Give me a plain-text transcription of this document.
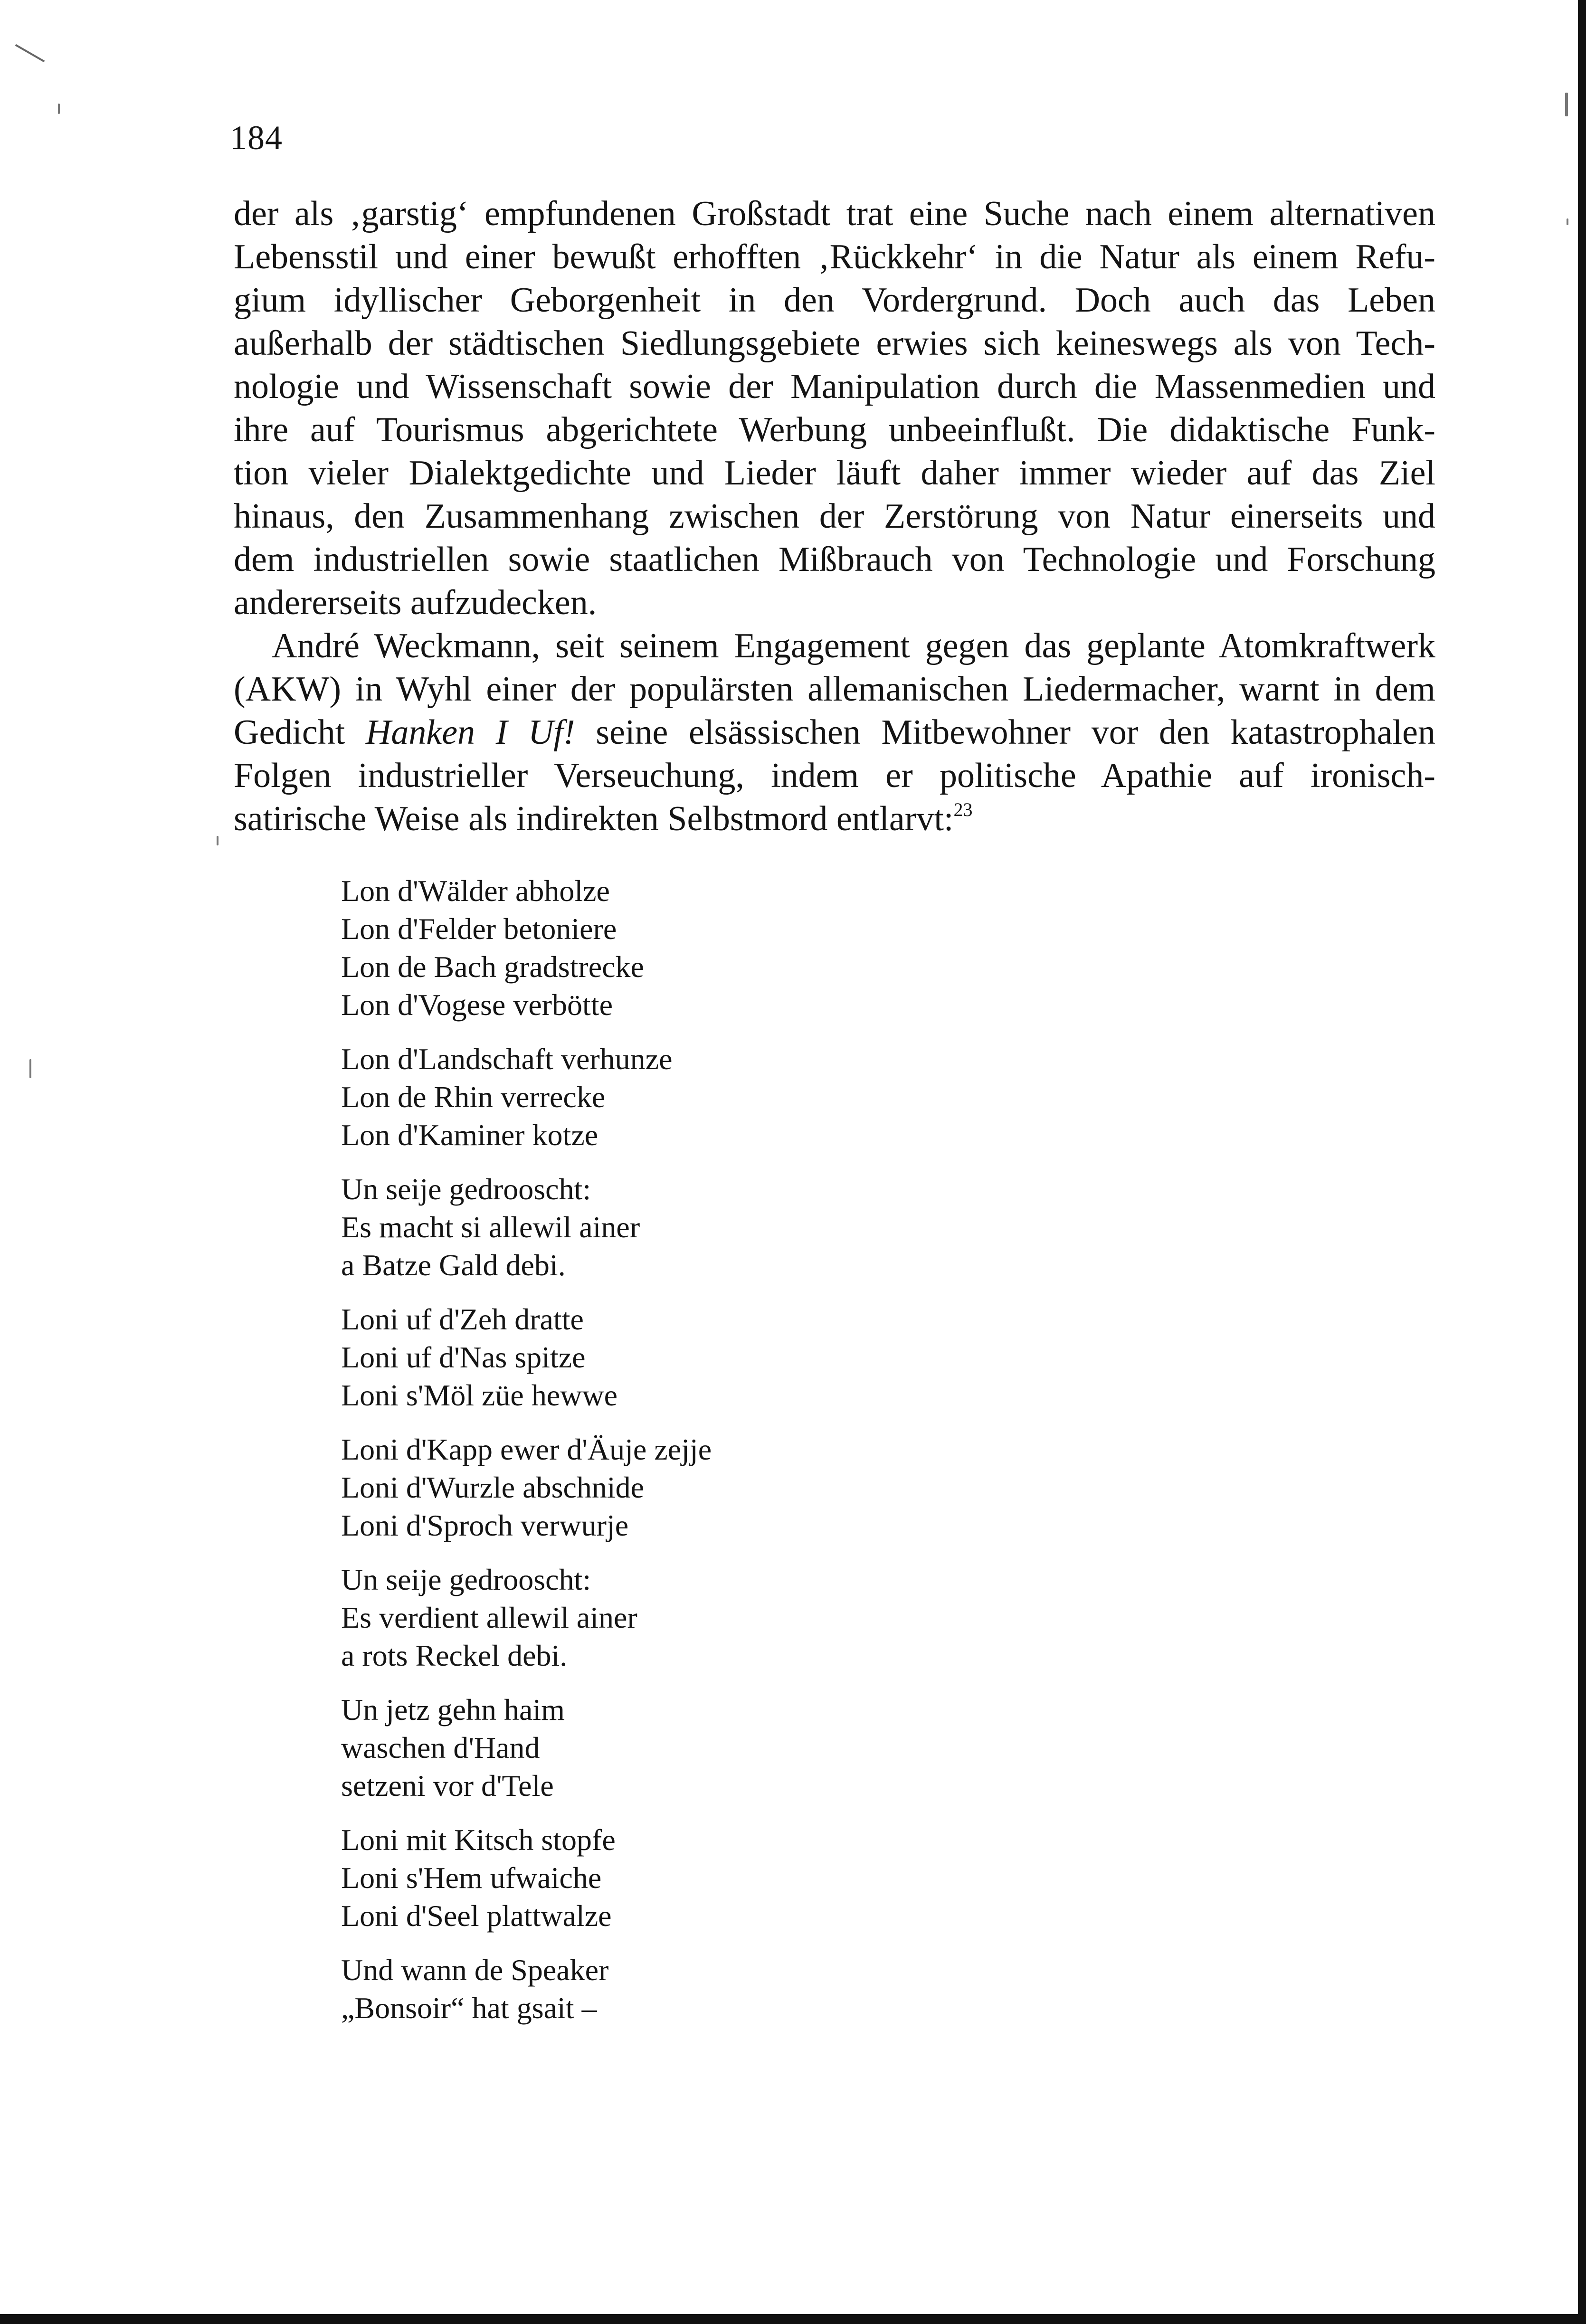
184
der als ‚garstig‘ empfundenen Großstadt trat eine Suche nach einem alternativen
Lebensstil und einer bewußt erhofften ‚Rückkehr‘ in die Natur als einem Refu-
gium idyllischer Geborgenheit in den Vordergrund. Doch auch das Leben
außerhalb der städtischen Siedlungsgebiete erwies sich keineswegs als von Tech-
nologie und Wissenschaft sowie der Manipulation durch die Massenmedien und
ihre auf Tourismus abgerichtete Werbung unbeeinflußt. Die didaktische Funk-
tion vieler Dialektgedichte und Lieder läuft daher immer wieder auf das Ziel
hinaus, den Zusammenhang zwischen der Zerstörung von Natur einerseits und
dem industriellen sowie staatlichen Mißbrauch von Technologie und Forschung
andererseits aufzudecken.
André Weckmann, seit seinem Engagement gegen das geplante Atomkraftwerk
(AKW) in Wyhl einer der populärsten allemanischen Liedermacher, warnt in dem
Gedicht Hanken I Uf! seine elsässischen Mitbewohner vor den katastrophalen
Folgen industrieller Verseuchung, indem er politische Apathie auf ironisch-
satirische Weise als indirekten Selbstmord entlarvt:$^{23}$
Lon d'Wälder abholze
Lon d'Felder betoniere
Lon de Bach gradstrecke
Lon d'Vogese verbötte
Lon d'Landschaft verhunze
Lon de Rhin verrecke
Lon d'Kaminer kotze
Un seije gedrooscht:
Es macht si allewil ainer
a Batze Gald debi.
Loni uf d'Zeh dratte
Loni uf d'Nas spitze
Loni s'Möl züe hewwe
Loni d'Kapp ewer d'Äuje zejje
Loni d'Wurzle abschnide
Loni d'Sproch verwurje
Un seije gedrooscht:
Es verdient allewil ainer
a rots Reckel debi.
Un jetz gehn haim
waschen d'Hand
setzeni vor d'Tele
Loni mit Kitsch stopfe
Loni s'Hem ufwaiche
Loni d'Seel plattwalze
Und wann de Speaker
„Bonsoir“ hat gsait –
